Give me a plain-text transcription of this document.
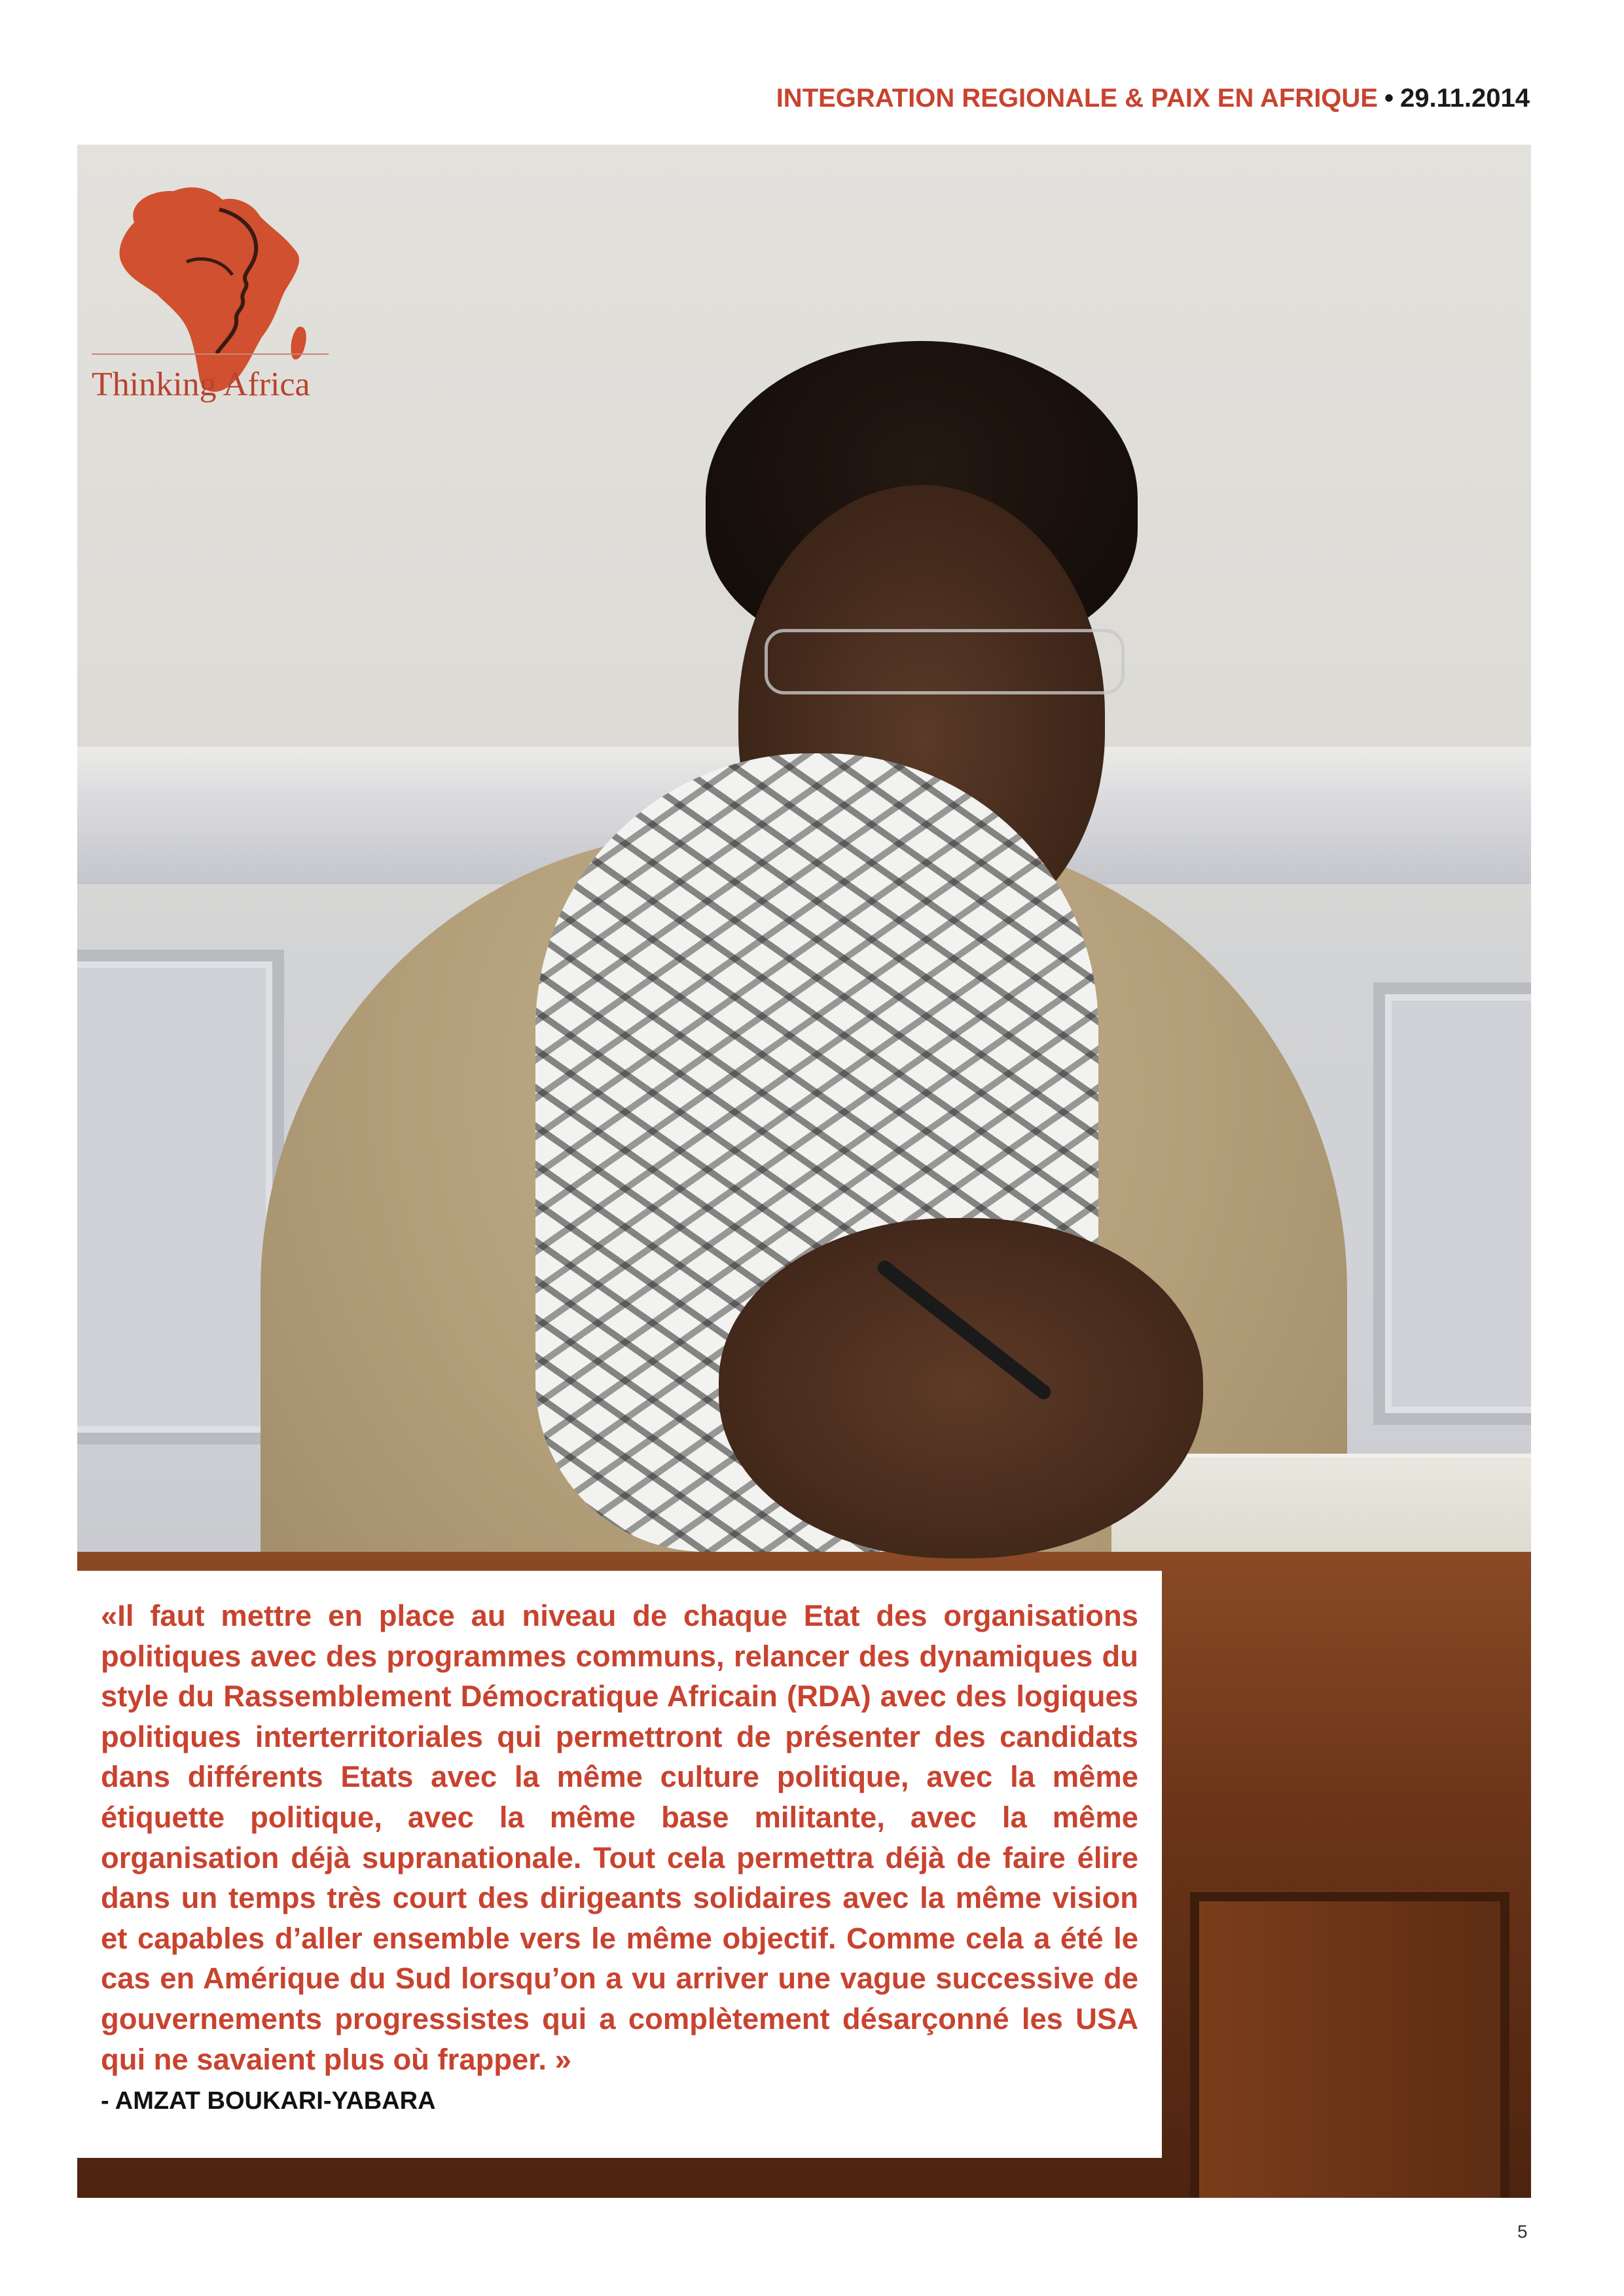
INTEGRATION REGIONALE & PAIX EN AFRIQUE • 29.11.2014
Thinking Africa

«Il faut mettre en place au niveau de chaque Etat des organisations politiques avec des programmes communs, relancer des dynamiques du style du Rassemblement Démocratique Africain (RDA) avec des logiques politiques interterritoriales qui permettront de présenter des candidats dans différents Etats avec la même culture politique, avec la même étiquette politique, avec la même base militante, avec la même organisation déjà supranationale. Tout cela permettra déjà de faire élire dans un temps très court des dirigeants solidaires avec la même vision et capables d’aller ensemble vers le même objectif. Comme cela a été le cas en Amérique du Sud lorsqu’on a vu arriver une vague successive de gouvernements progressistes qui a complètement désarçonné les USA qui ne savaient plus où frapper. »

- AMZAT BOUKARI-YABARA
5
